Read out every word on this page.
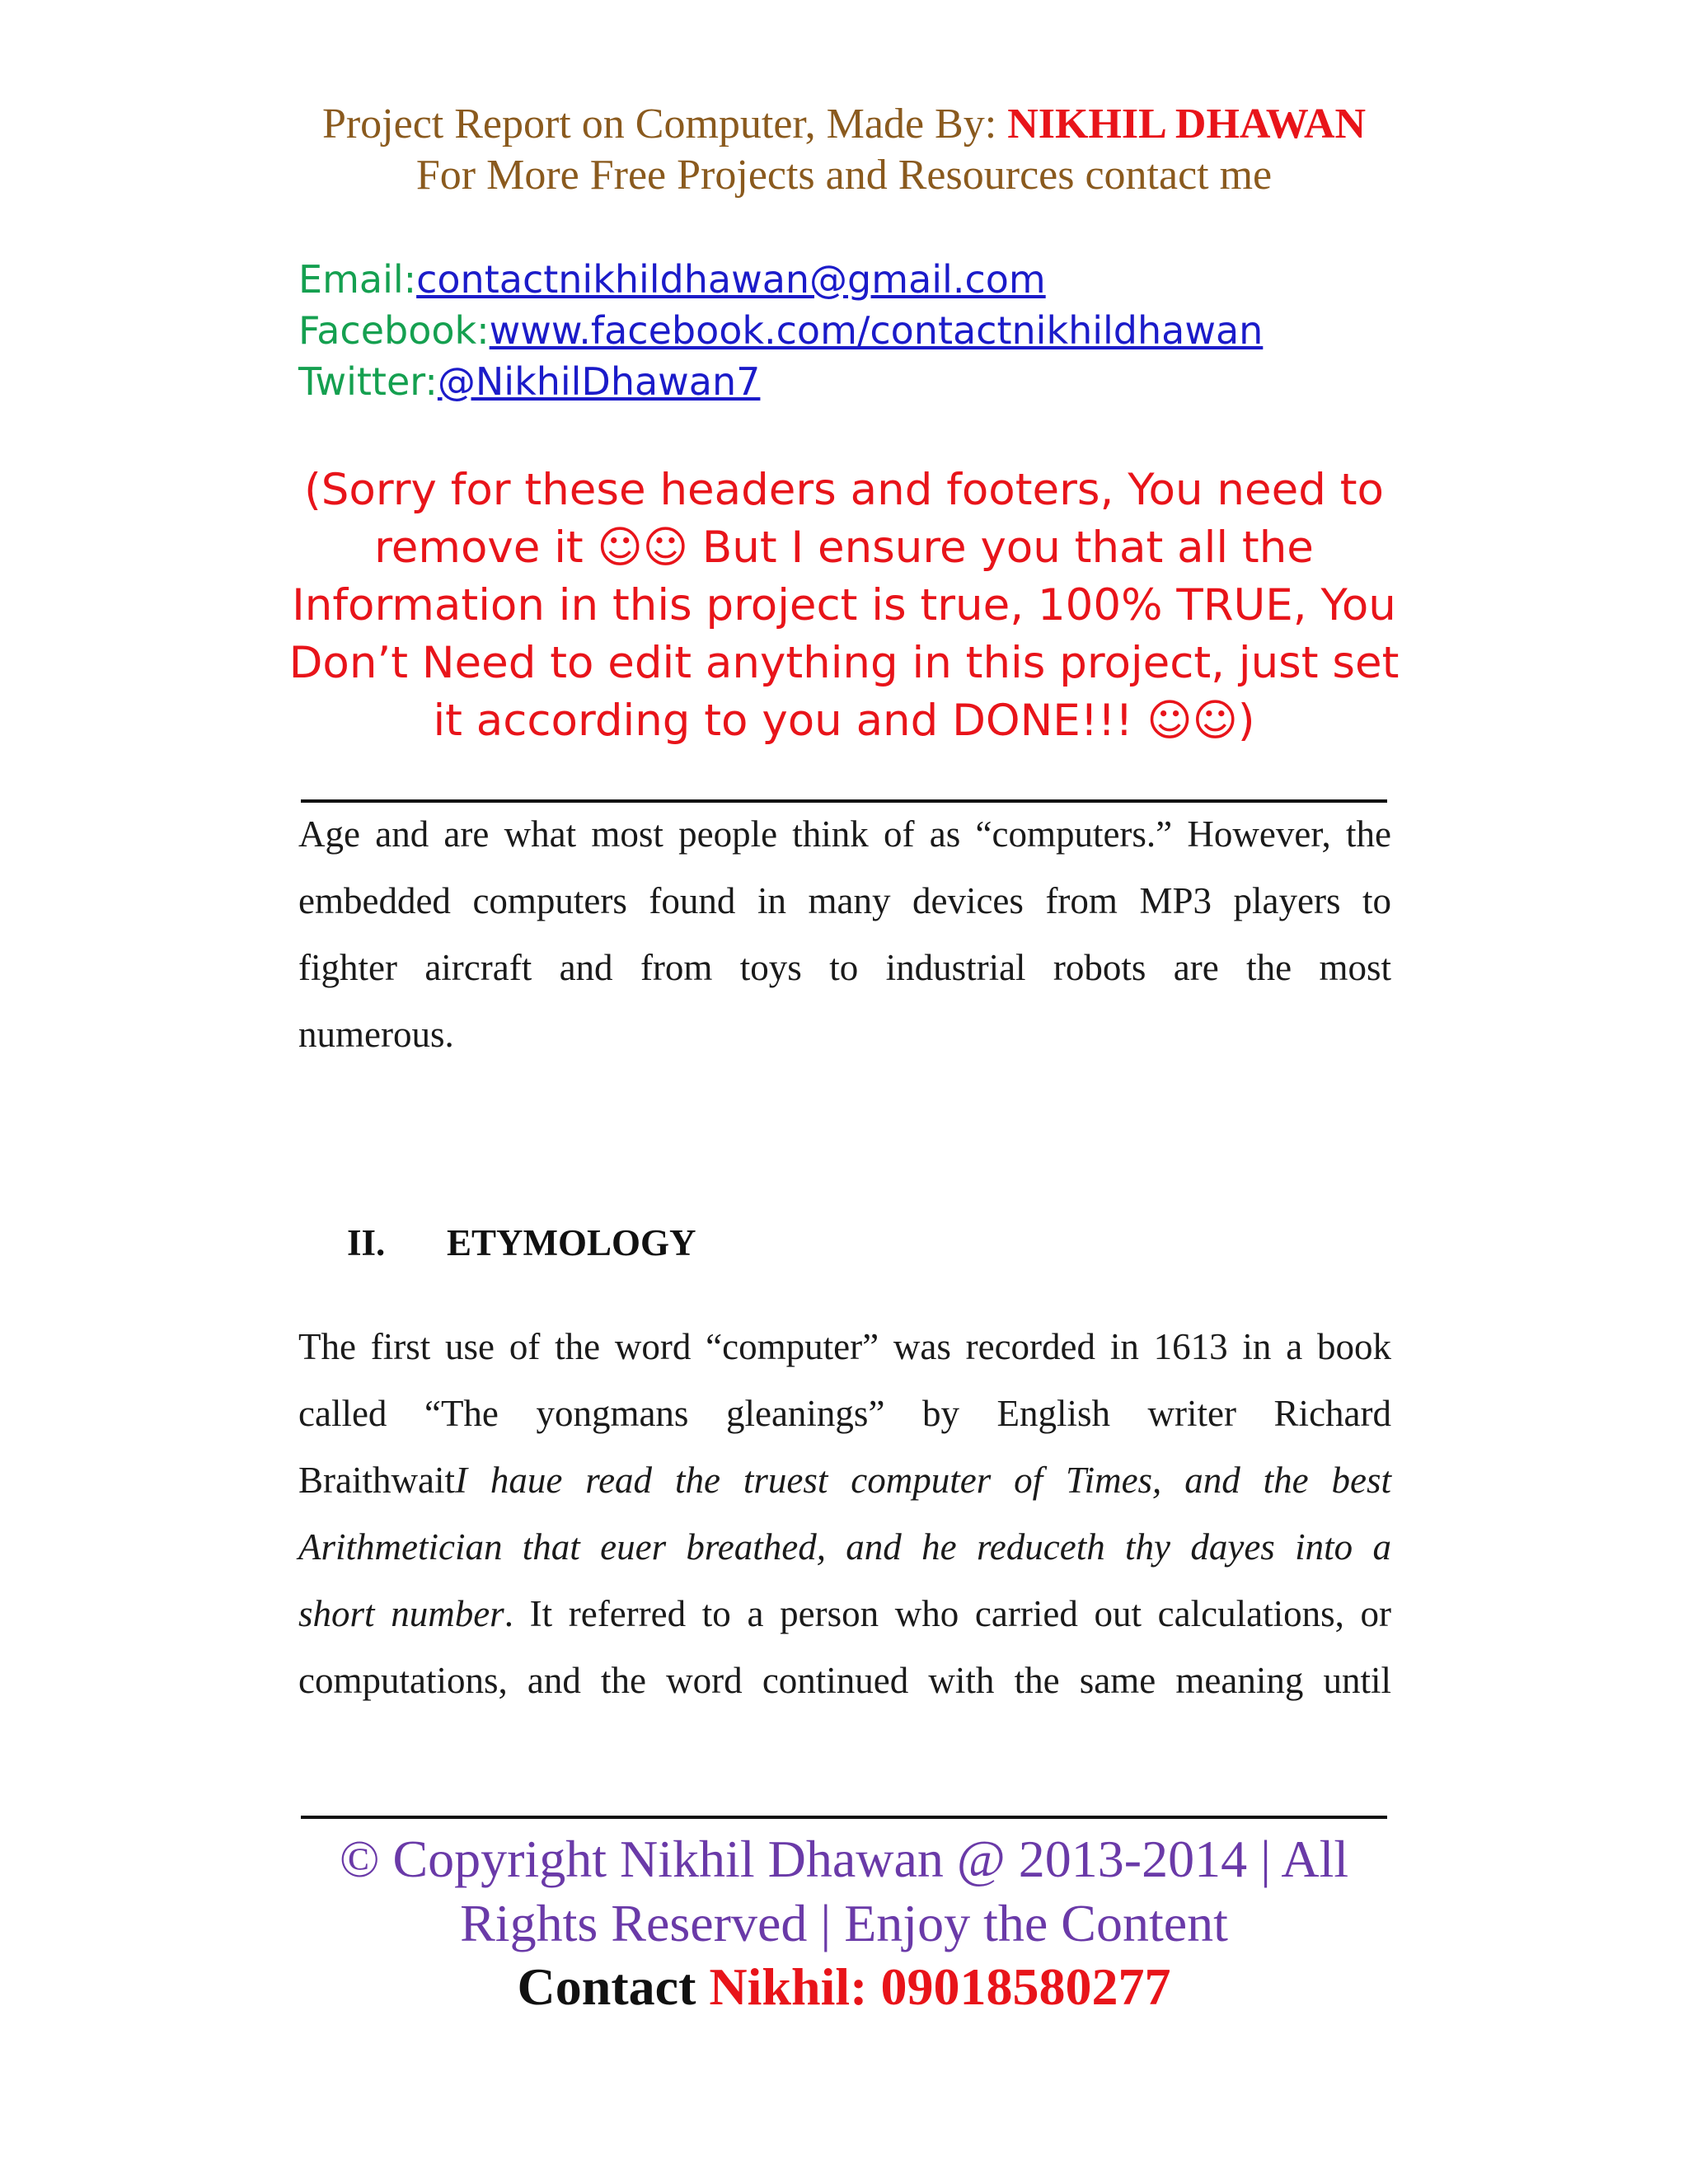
Project Report on Computer, Made By: NIKHIL DHAWAN
For More Free Projects and Resources contact me
Email:contactnikhildhawan@gmail.com
Facebook:www.facebook.com/contactnikhildhawan
Twitter:@NikhilDhawan7

(Sorry for these headers and footers, You need to

remove it ☺☺ But I ensure you that all the

Information in this project is true, 100% TRUE, You

Don’t Need to edit anything in this project, just set

it according to you and DONE!!! ☺☺)

Age and are what most people think of as “computers.” However, the
embedded computers found in many devices from MP3 players to
fighter aircraft and from toys to industrial robots are the most
numerous.
II. ETYMOLOGY
The first use of the word “computer” was recorded in 1613 in a book
called “The yongmans gleanings” by English writer Richard
BraithwaitI haue read the truest computer of Times, and the best
Arithmetician that euer breathed, and he reduceth thy dayes into a
short number. It referred to a person who carried out calculations, or
computations, and the word continued with the same meaning until
© Copyright Nikhil Dhawan @ 2013-2014 | All
Rights Reserved | Enjoy the Content
Contact Nikhil: 09018580277
